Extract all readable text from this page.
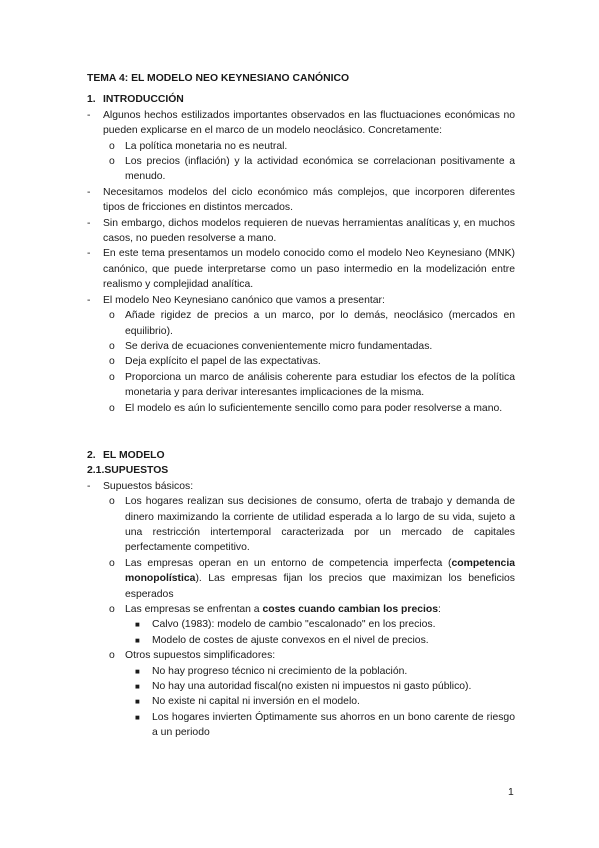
TEMA 4: EL MODELO NEO KEYNESIANO CANÓNICO
1. INTRODUCCIÓN
-	Algunos hechos estilizados importantes observados en las fluctuaciones económicas no pueden explicarse en el marco de un modelo neoclásico. Concretamente:
o La política monetaria no es neutral.
o Los precios (inflación) y la actividad económica se correlacionan positivamente a menudo.
-	Necesitamos modelos del ciclo económico más complejos, que incorporen diferentes tipos de fricciones en distintos mercados.
-	Sin embargo, dichos modelos requieren de nuevas herramientas analíticas y, en muchos casos, no pueden resolverse a mano.
-	En este tema presentamos un modelo conocido como el modelo Neo Keynesiano (MNK) canónico, que puede interpretarse como un paso intermedio en la modelización entre realismo y complejidad analítica.
-	El modelo Neo Keynesiano canónico que vamos a presentar:
o Añade rigidez de precios a un marco, por lo demás, neoclásico (mercados en equilibrio).
o Se deriva de ecuaciones convenientemente micro fundamentadas.
o Deja explícito el papel de las expectativas.
o Proporciona un marco de análisis coherente para estudiar los efectos de la política monetaria y para derivar interesantes implicaciones de la misma.
o El modelo es aún lo suficientemente sencillo como para poder resolverse a mano.
2. EL MODELO
2.1.SUPUESTOS
-	Supuestos básicos:
o Los hogares realizan sus decisiones de consumo, oferta de trabajo y demanda de dinero maximizando la corriente de utilidad esperada a lo largo de su vida, sujeto a una restricción intertemporal caracterizada por un mercado de capitales perfectamente competitivo.
o Las empresas operan en un entorno de competencia imperfecta (competencia monopolística). Las empresas fijan los precios que maximizan los beneficios esperados
o Las empresas se enfrentan a costes cuando cambian los precios:
■	Calvo (1983): modelo de cambio "escalonado" en los precios.
■	Modelo de costes de ajuste convexos en el nivel de precios.
o Otros supuestos simplificadores:
■	No hay progreso técnico ni crecimiento de la población.
■	No hay una autoridad fiscal(no existen ni impuestos ni gasto público).
■	No existe ni capital ni inversión en el modelo.
■	Los hogares invierten Óptimamente sus ahorros en un bono carente de riesgo a un periodo
1
